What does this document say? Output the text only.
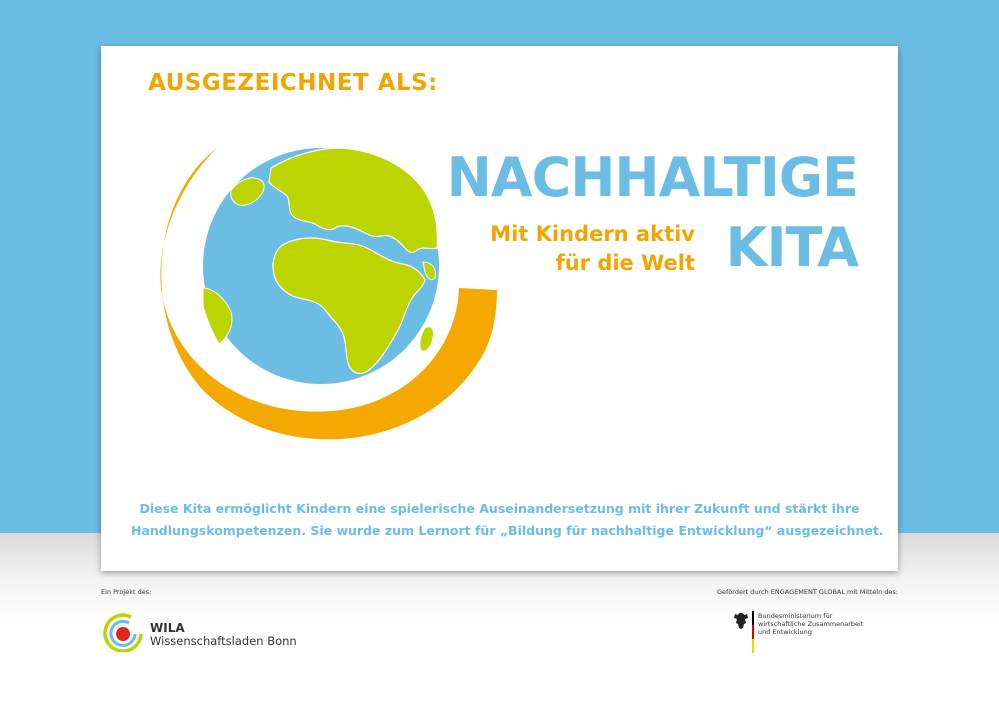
AUSGEZEICHNET ALS:
NACHHALTIGE
Mit Kindern aktiv
für die Welt KITA
Diese Kita ermöglicht Kindern eine spielerische Auseinandersetzung mit ihrer Zukunft und stärkt ihre
Handlungskompetenzen. Sie wurde zum Lernort für „Bildung für nachhaltige Entwicklung“ ausgezeichnet.
Ein Projekt des:
WILA
Wissenschaftsladen Bonn
Gefördert durch ENGAGEMENT GLOBAL mit Mitteln des:
Bundesministerium für
wirtschaftliche Zusammenarbeit
und Entwicklung
